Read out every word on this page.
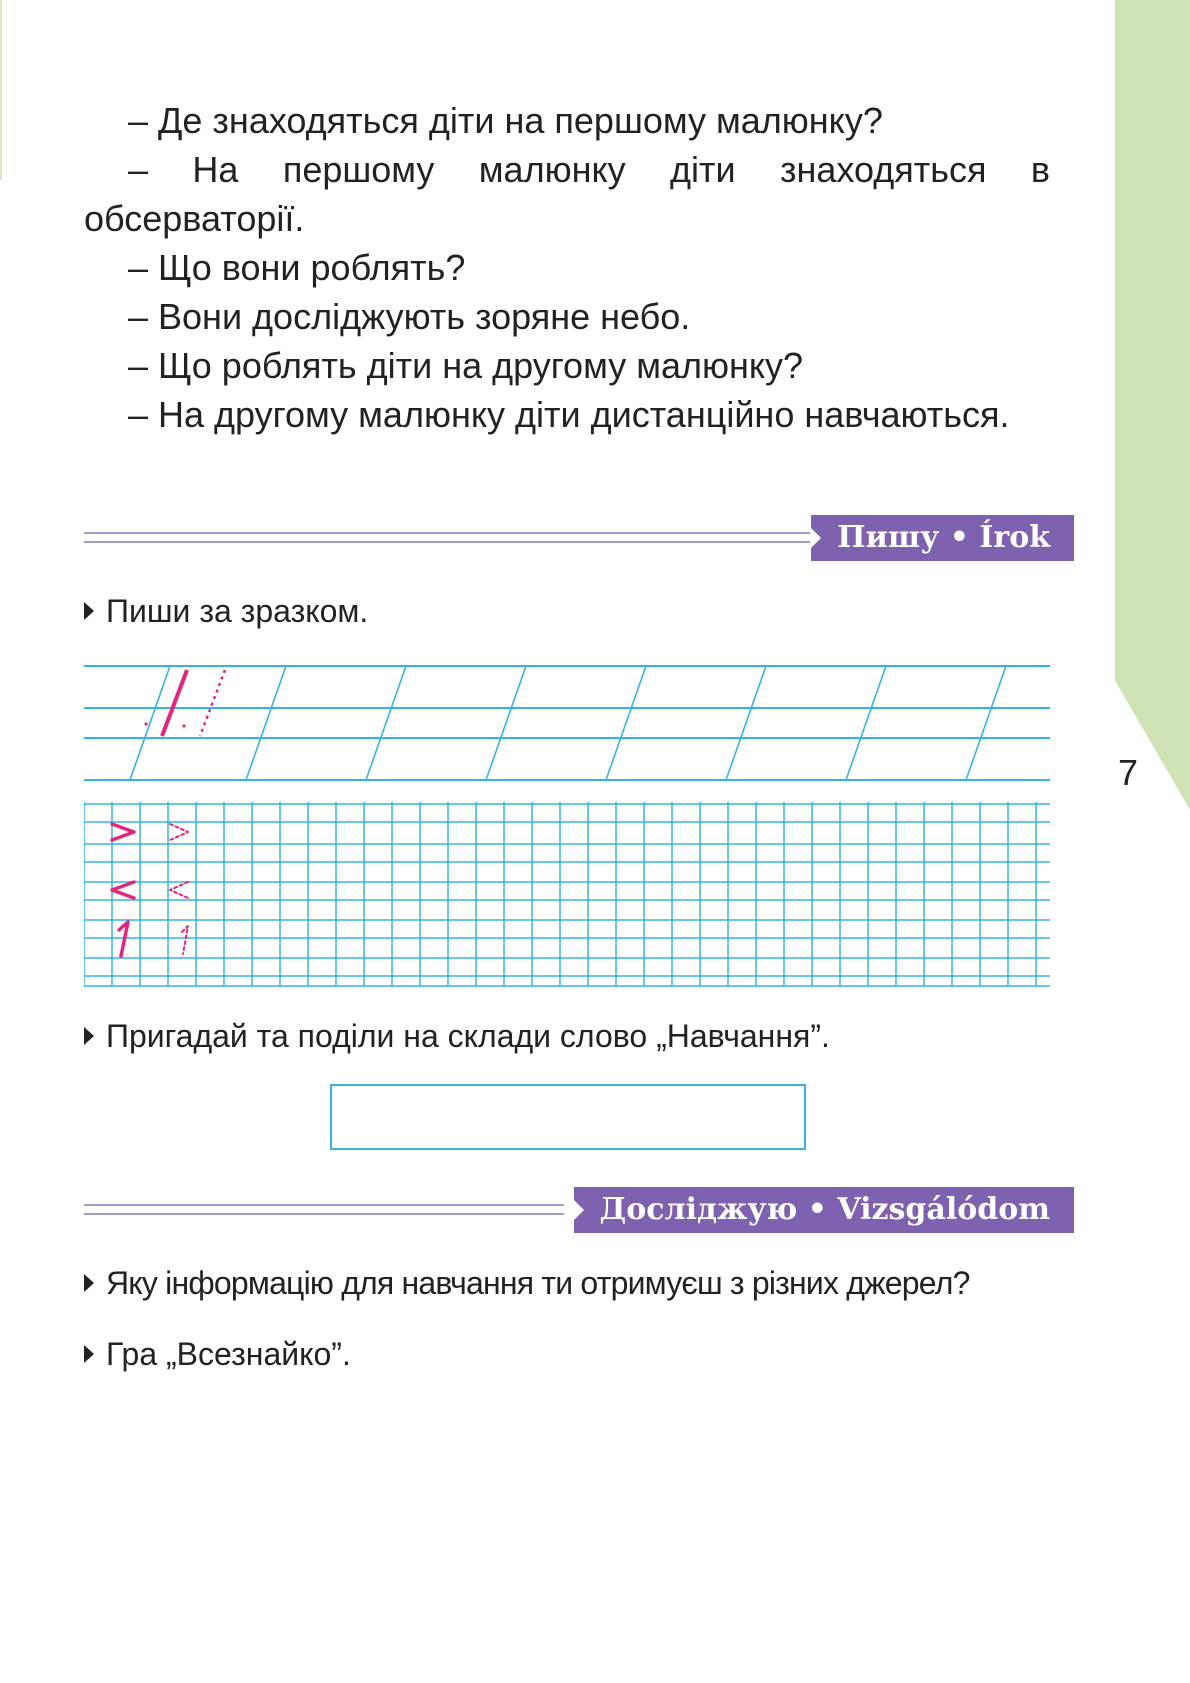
7

– Де знаходяться діти на першому малюнку?

– На першому малюнку діти знаходяться в обсерваторії.

– Що вони роблять?

– Вони досліджують зоряне небо.

– Що роблять діти на другому малюнку?

– На другому малюнку діти дистанційно навчаються.

Пишу • Írok
Пиши за зразком.
Пригадай та поділи на склади слово „Навчання”.
Досліджую • Vizsgálódom
Яку інформацію для навчання ти отримуєш з різних джерел?
Гра „Всезнайко”.
